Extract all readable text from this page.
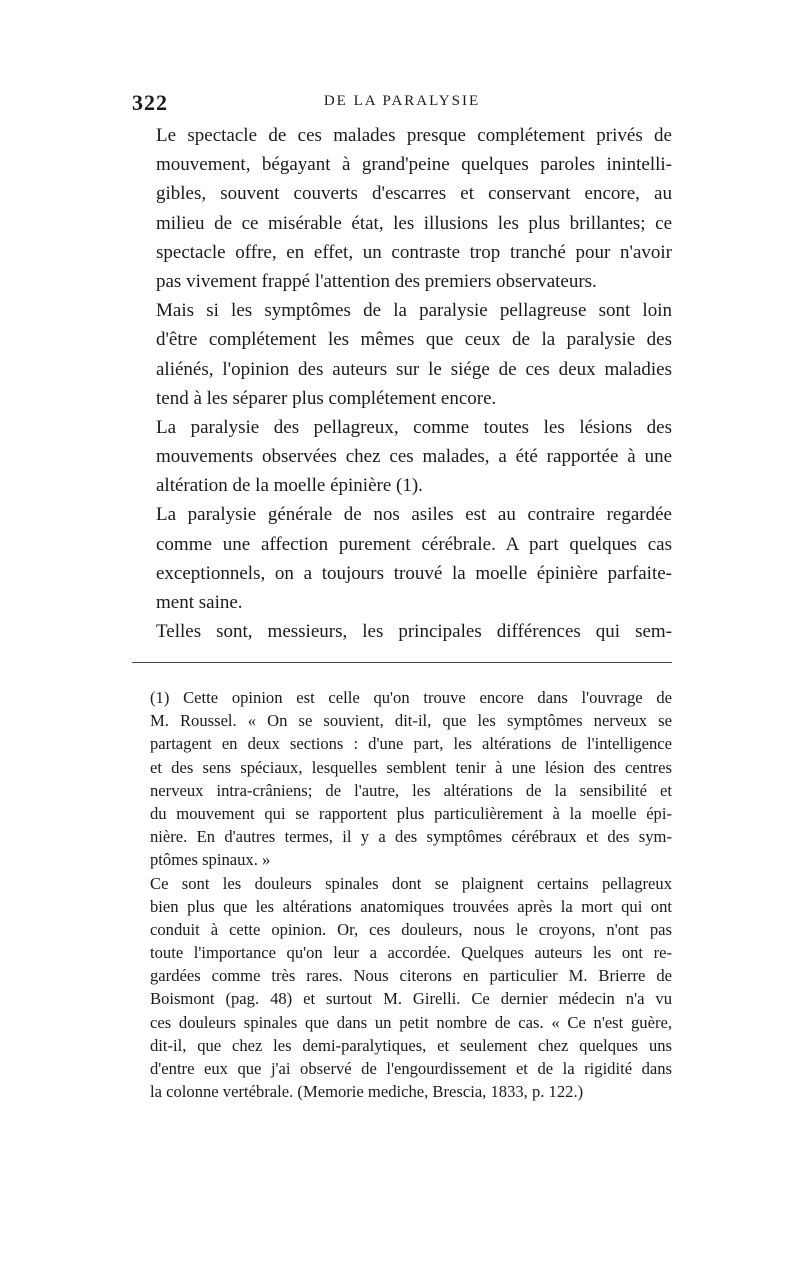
322	DE LA PARALYSIE

Le spectacle de ces malades presque complétement privés de
mouvement, bégayant à grand'peine quelques paroles inintelli-
gibles, souvent couverts d'escarres et conservant encore, au
milieu de ce misérable état, les illusions les plus brillantes; ce
spectacle offre, en effet, un contraste trop tranché pour n'avoir
pas vivement frappé l'attention des premiers observateurs.

Mais si les symptômes de la paralysie pellagreuse sont loin
d'être complétement les mêmes que ceux de la paralysie des
aliénés, l'opinion des auteurs sur le siége de ces deux maladies
tend à les séparer plus complétement encore.

La paralysie des pellagreux, comme toutes les lésions des
mouvements observées chez ces malades, a été rapportée à une
altération de la moelle épinière (1).

La paralysie générale de nos asiles est au contraire regardée
comme une affection purement cérébrale. A part quelques cas
exceptionnels, on a toujours trouvé la moelle épinière parfaite-
ment saine.

Telles sont, messieurs, les principales différences qui sem-

(1) Cette opinion est celle qu'on trouve encore dans l'ouvrage de
M. Roussel. « On se souvient, dit-il, que les symptômes nerveux se
partagent en deux sections : d'une part, les altérations de l'intelligence
et des sens spéciaux, lesquelles semblent tenir à une lésion des centres
nerveux intra-crâniens; de l'autre, les altérations de la sensibilité et
du mouvement qui se rapportent plus particulièrement à la moelle épi-
nière. En d'autres termes, il y a des symptômes cérébraux et des sym-
ptômes spinaux. »

Ce sont les douleurs spinales dont se plaignent certains pellagreux
bien plus que les altérations anatomiques trouvées après la mort qui ont
conduit à cette opinion. Or, ces douleurs, nous le croyons, n'ont pas
toute l'importance qu'on leur a accordée. Quelques auteurs les ont re-
gardées comme très rares. Nous citerons en particulier M. Brierre de
Boismont (pag. 48) et surtout M. Girelli. Ce dernier médecin n'a vu
ces douleurs spinales que dans un petit nombre de cas. « Ce n'est guère,
dit-il, que chez les demi-paralytiques, et seulement chez quelques uns
d'entre eux que j'ai observé de l'engourdissement et de la rigidité dans
la colonne vertébrale. (Memorie mediche, Brescia, 1833, p. 122.)
